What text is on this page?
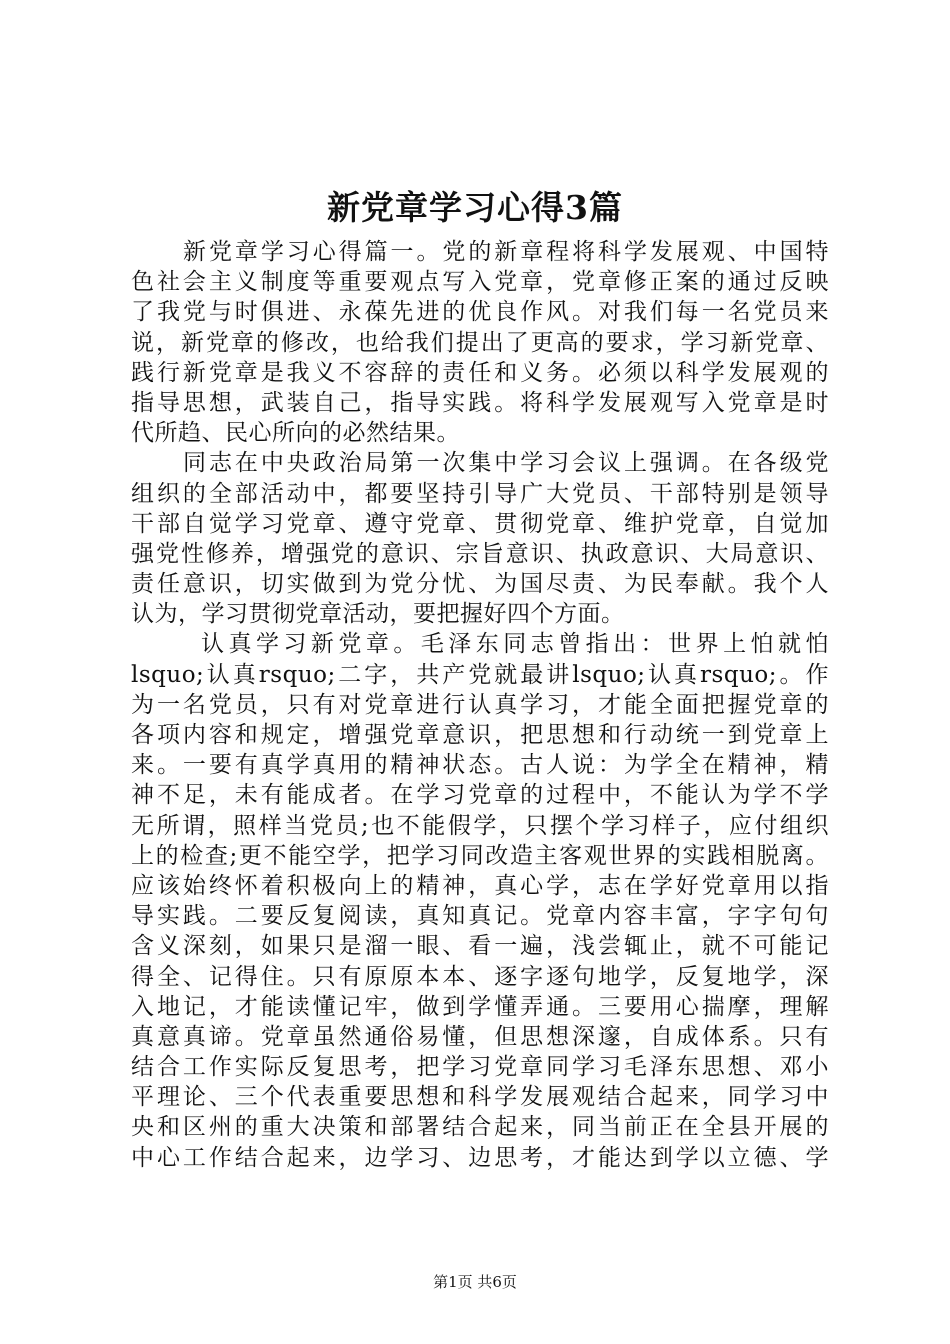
新党章学习心得3篇
新党章学习心得篇一。党的新章程将科学发展观、中国特
色社会主义制度等重要观点写入党章，党章修正案的通过反映
了我党与时俱进、永葆先进的优良作风。对我们每一名党员来
说，新党章的修改，也给我们提出了更高的要求，学习新党章、
践行新党章是我义不容辞的责任和义务。必须以科学发展观的
指导思想，武装自己，指导实践。将科学发展观写入党章是时
代所趋、民心所向的必然结果。
同志在中央政治局第一次集中学习会议上强调。在各级党
组织的全部活动中，都要坚持引导广大党员、干部特别是领导
干部自觉学习党章、遵守党章、贯彻党章、维护党章，自觉加
强党性修养，增强党的意识、宗旨意识、执政意识、大局意识、
责任意识，切实做到为党分忧、为国尽责、为民奉献。我个人
认为，学习贯彻党章活动，要把握好四个方面。
认真学习新党章。毛泽东同志曾指出：世界上怕就怕
lsquo;认真rsquo;二字，共产党就最讲lsquo;认真rsquo;。作
为一名党员，只有对党章进行认真学习，才能全面把握党章的
各项内容和规定，增强党章意识，把思想和行动统一到党章上
来。一要有真学真用的精神状态。古人说：为学全在精神，精
神不足，未有能成者。在学习党章的过程中，不能认为学不学
无所谓，照样当党员;也不能假学，只摆个学习样子，应付组织
上的检查;更不能空学，把学习同改造主客观世界的实践相脱离。
应该始终怀着积极向上的精神，真心学，志在学好党章用以指
导实践。二要反复阅读，真知真记。党章内容丰富，字字句句
含义深刻，如果只是溜一眼、看一遍，浅尝辄止，就不可能记
得全、记得住。只有原原本本、逐字逐句地学，反复地学，深
入地记，才能读懂记牢，做到学懂弄通。三要用心揣摩，理解
真意真谛。党章虽然通俗易懂，但思想深邃，自成体系。只有
结合工作实际反复思考，把学习党章同学习毛泽东思想、邓小
平理论、三个代表重要思想和科学发展观结合起来，同学习中
央和区州的重大决策和部署结合起来，同当前正在全县开展的
中心工作结合起来，边学习、边思考，才能达到学以立德、学
第1页 共6页
